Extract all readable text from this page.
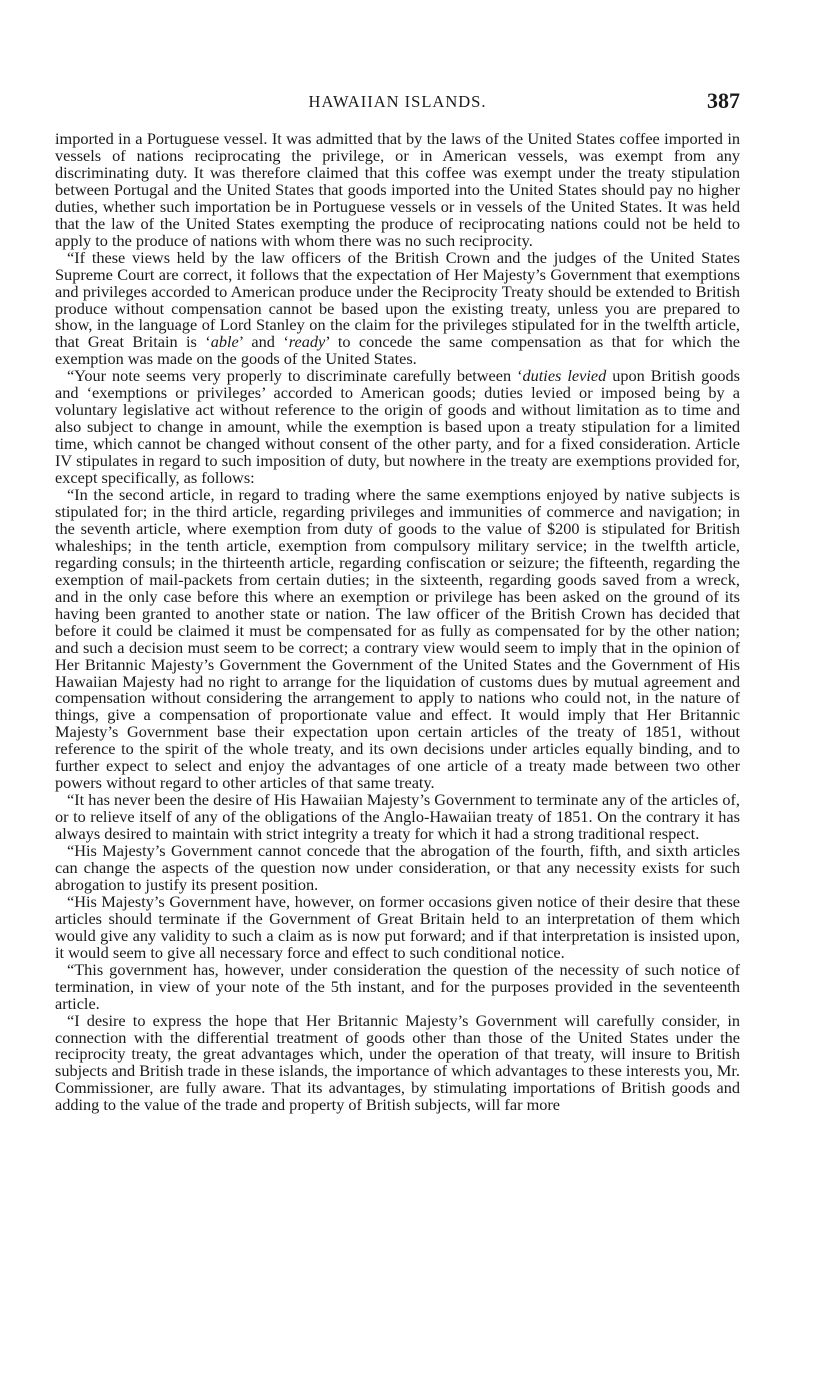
HAWAIIAN ISLANDS.	387

imported in a Portuguese vessel. It was admitted that by the laws of the United States coffee imported in vessels of nations reciprocating the privilege, or in American vessels, was exempt from any discriminating duty. It was therefore claimed that this coffee was exempt under the treaty stipulation between Portugal and the United States that goods imported into the United States should pay no higher duties, whether such importation be in Portuguese vessels or in vessels of the United States. It was held that the law of the United States exempting the produce of reciprocating nations could not be held to apply to the produce of nations with whom there was no such reciprocity.

“If these views held by the law officers of the British Crown and the judges of the United States Supreme Court are correct, it follows that the expectation of Her Majesty’s Government that exemptions and privileges accorded to American produce under the Reciprocity Treaty should be extended to British produce without compensation cannot be based upon the existing treaty, unless you are prepared to show, in the language of Lord Stanley on the claim for the privileges stipulated for in the twelfth article, that Great Britain is ‘able’ and ‘ready’ to concede the same compensation as that for which the exemption was made on the goods of the United States.

“Your note seems very properly to discriminate carefully between ‘duties levied upon British goods and ‘exemptions or privileges’ accorded to American goods; duties levied or imposed being by a voluntary legislative act without reference to the origin of goods and without limitation as to time and also subject to change in amount, while the exemption is based upon a treaty stipulation for a limited time, which cannot be changed without consent of the other party, and for a fixed consideration. Article IV stipulates in regard to such imposition of duty, but nowhere in the treaty are exemptions provided for, except specifically, as follows:

“In the second article, in regard to trading where the same exemptions enjoyed by native subjects is stipulated for; in the third article, regarding privileges and immunities of commerce and navigation; in the seventh article, where exemption from duty of goods to the value of $200 is stipulated for British whaleships; in the tenth article, exemption from compulsory military service; in the twelfth article, regarding consuls; in the thirteenth article, regarding confiscation or seizure; the fifteenth, regarding the exemption of mail-packets from certain duties; in the sixteenth, regarding goods saved from a wreck, and in the only case before this where an exemption or privilege has been asked on the ground of its having been granted to another state or nation. The law officer of the British Crown has decided that before it could be claimed it must be compensated for as fully as compensated for by the other nation; and such a decision must seem to be correct; a contrary view would seem to imply that in the opinion of Her Britannic Majesty’s Government the Government of the United States and the Government of His Hawaiian Majesty had no right to arrange for the liquidation of customs dues by mutual agreement and compensation without considering the arrangement to apply to nations who could not, in the nature of things, give a compensation of proportionate value and effect. It would imply that Her Britannic Majesty’s Government base their expectation upon certain articles of the treaty of 1851, without reference to the spirit of the whole treaty, and its own decisions under articles equally binding, and to further expect to select and enjoy the advantages of one article of a treaty made between two other powers without regard to other articles of that same treaty.

“It has never been the desire of His Hawaiian Majesty’s Government to terminate any of the articles of, or to relieve itself of any of the obligations of the Anglo-Hawaiian treaty of 1851. On the contrary it has always desired to maintain with strict integrity a treaty for which it had a strong traditional respect.

“His Majesty’s Government cannot concede that the abrogation of the fourth, fifth, and sixth articles can change the aspects of the question now under consideration, or that any necessity exists for such abrogation to justify its present position.

“His Majesty’s Government have, however, on former occasions given notice of their desire that these articles should terminate if the Government of Great Britain held to an interpretation of them which would give any validity to such a claim as is now put forward; and if that interpretation is insisted upon, it would seem to give all necessary force and effect to such conditional notice.

“This government has, however, under consideration the question of the necessity of such notice of termination, in view of your note of the 5th instant, and for the purposes provided in the seventeenth article.

“I desire to express the hope that Her Britannic Majesty’s Government will carefully consider, in connection with the differential treatment of goods other than those of the United States under the reciprocity treaty, the great advantages which, under the operation of that treaty, will insure to British subjects and British trade in these islands, the importance of which advantages to these interests you, Mr. Commissioner, are fully aware. That its advantages, by stimulating importations of British goods and adding to the value of the trade and property of British subjects, will far more
